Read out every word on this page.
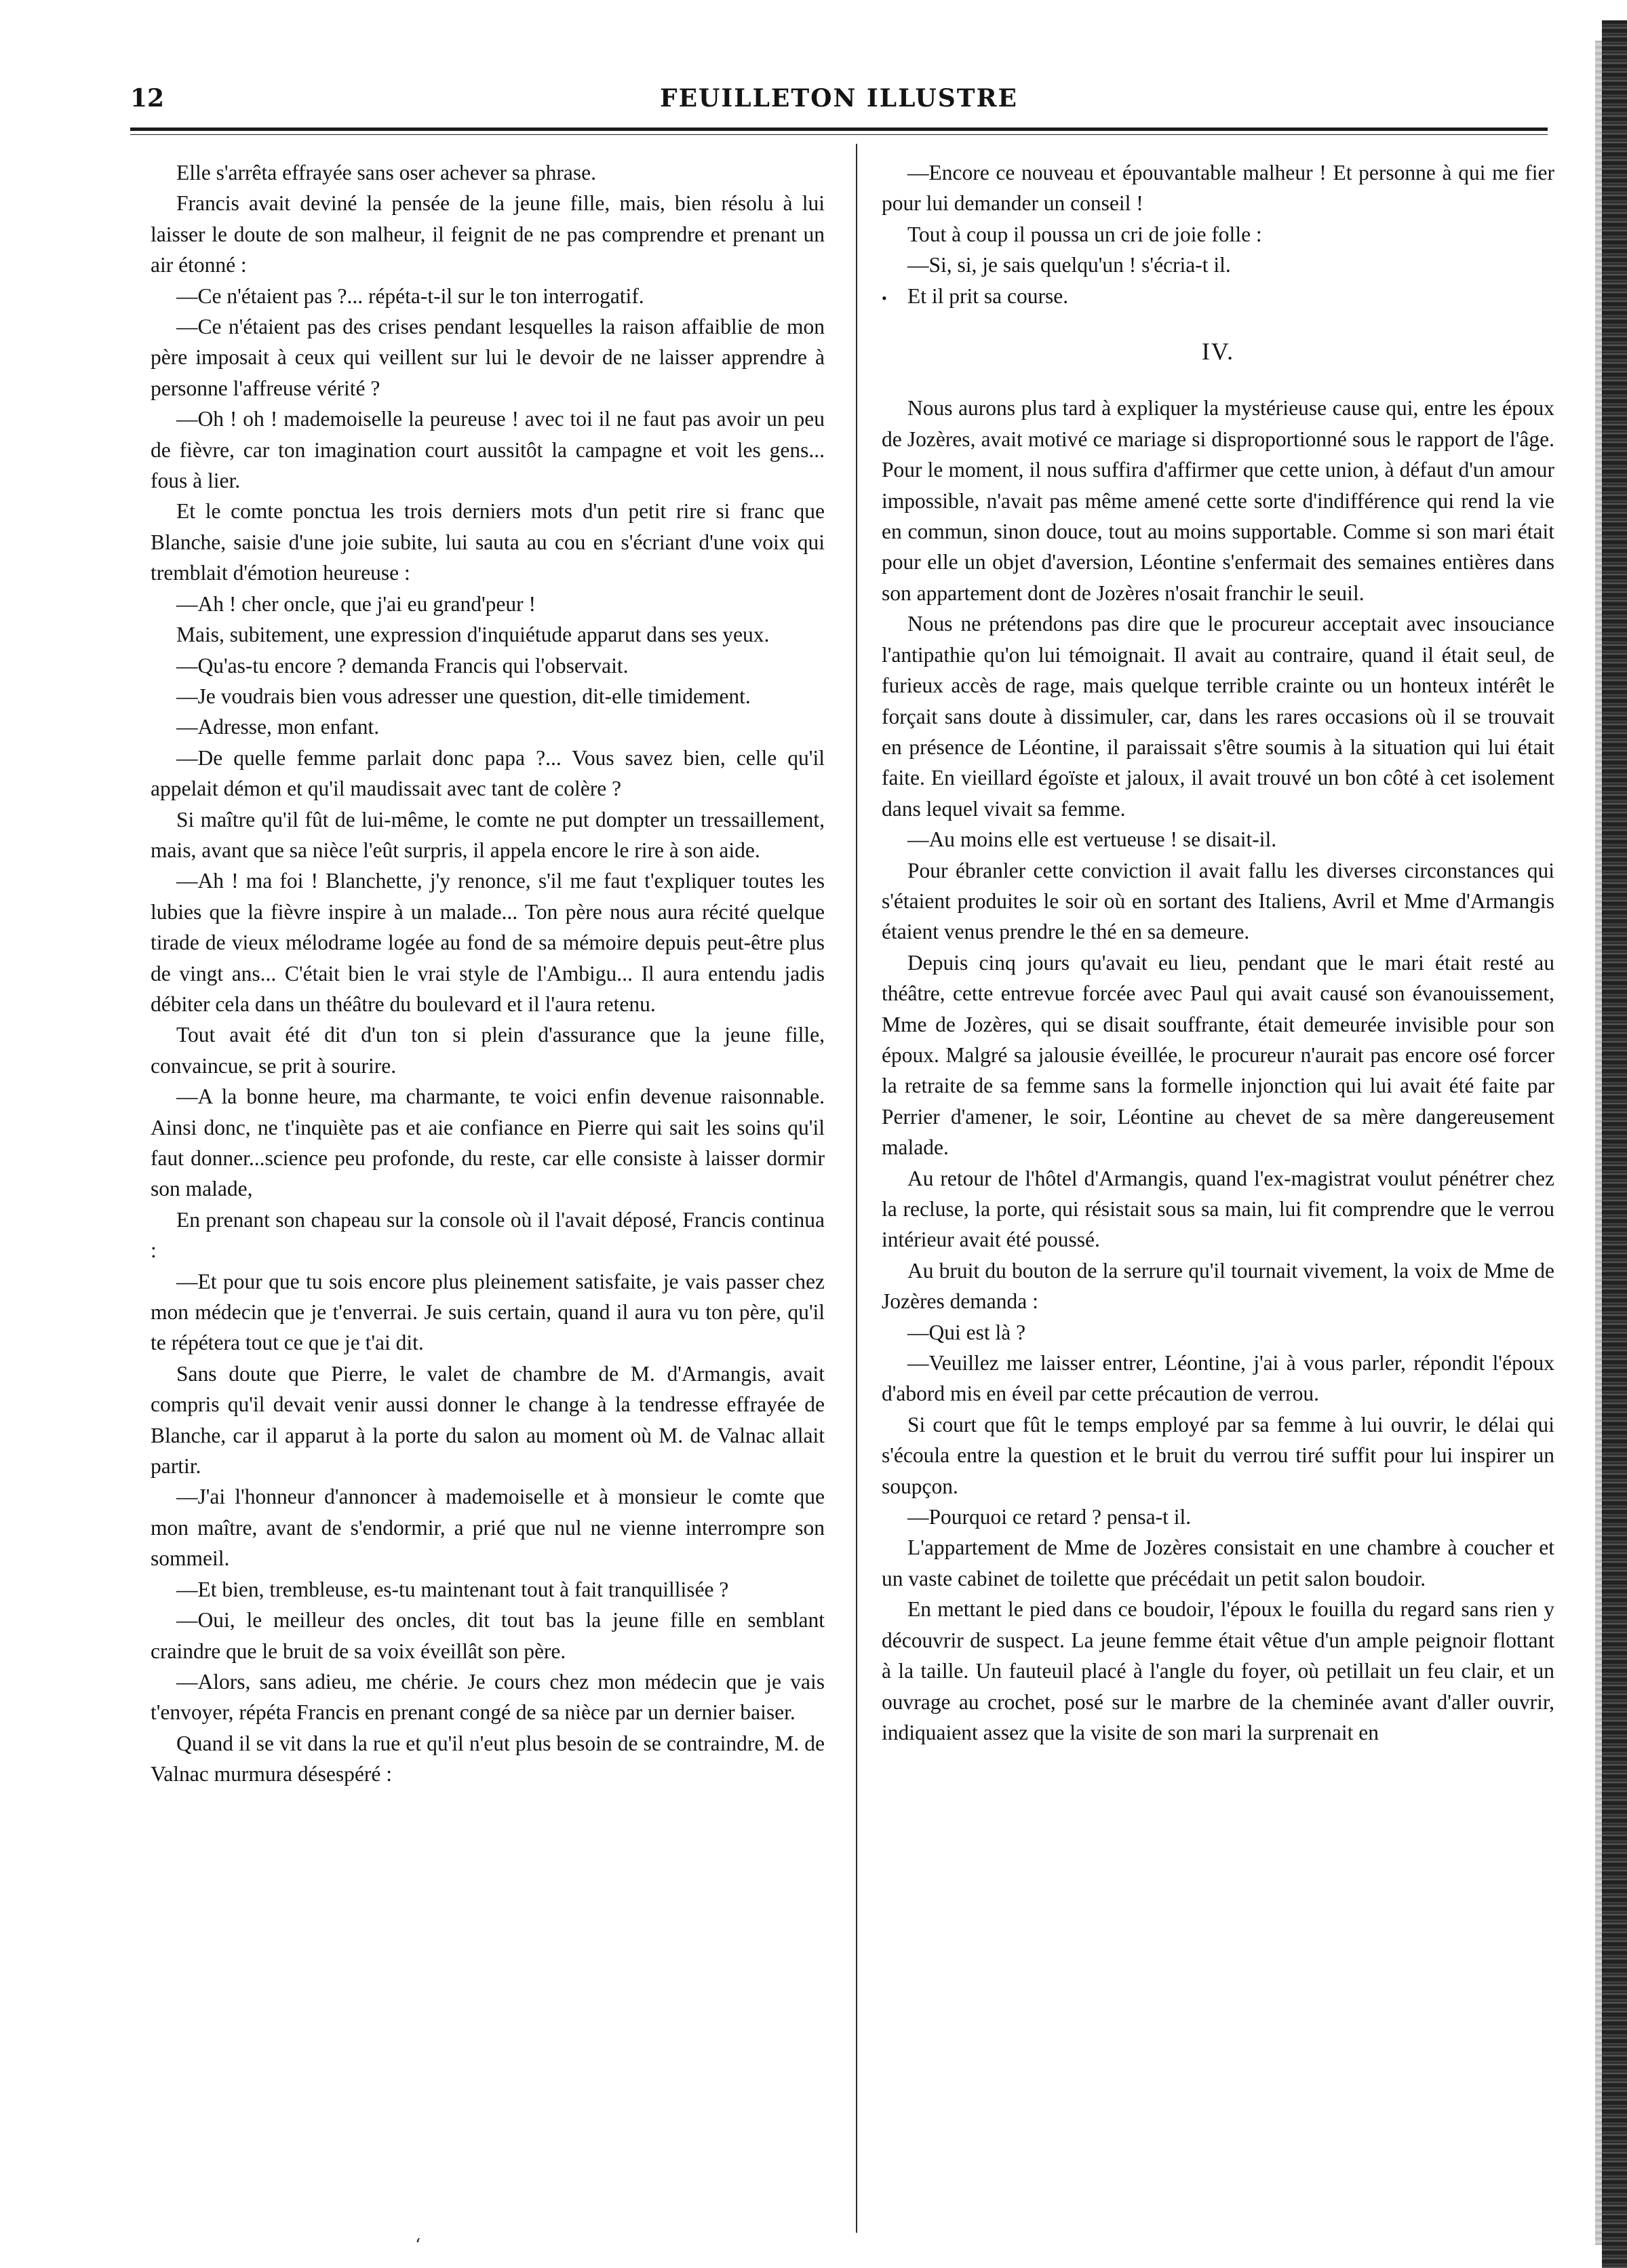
12	FEUILLETON ILLUSTRE

Elle s'arrêta effrayée sans oser achever sa phrase.

Francis avait deviné la pensée de la jeune fille, mais, bien résolu à lui laisser le doute de son malheur, il feignit de ne pas comprendre et prenant un air étonné :

—Ce n'étaient pas ?... répéta-t-il sur le ton interrogatif.

—Ce n'étaient pas des crises pendant lesquelles la raison affaiblie de mon père imposait à ceux qui veillent sur lui le devoir de ne laisser apprendre à personne l'affreuse vérité ?

—Oh ! oh ! mademoiselle la peureuse ! avec toi il ne faut pas avoir un peu de fièvre, car ton imagination court aussitôt la campagne et voit les gens... fous à lier.

Et le comte ponctua les trois derniers mots d'un petit rire si franc que Blanche, saisie d'une joie subite, lui sauta au cou en s'écriant d'une voix qui tremblait d'émotion heureuse :

—Ah ! cher oncle, que j'ai eu grand'peur !

Mais, subitement, une expression d'inquiétude apparut dans ses yeux.

—Qu'as-tu encore ? demanda Francis qui l'observait.

—Je voudrais bien vous adresser une question, dit-elle timidement.

—Adresse, mon enfant.

—De quelle femme parlait donc papa ?... Vous savez bien, celle qu'il appelait démon et qu'il maudissait avec tant de colère ?

Si maître qu'il fût de lui-même, le comte ne put dompter un tressaillement, mais, avant que sa nièce l'eût surpris, il appela encore le rire à son aide.

—Ah ! ma foi ! Blanchette, j'y renonce, s'il me faut t'expliquer toutes les lubies que la fièvre inspire à un malade... Ton père nous aura récité quelque tirade de vieux mélodrame logée au fond de sa mémoire depuis peut-être plus de vingt ans... C'était bien le vrai style de l'Ambigu... Il aura entendu jadis débiter cela dans un théâtre du boulevard et il l'aura retenu.

Tout avait été dit d'un ton si plein d'assurance que la jeune fille, convaincue, se prit à sourire.

—A la bonne heure, ma charmante, te voici enfin devenue raisonnable. Ainsi donc, ne t'inquiète pas et aie confiance en Pierre qui sait les soins qu'il faut donner...science peu profonde, du reste, car elle consiste à laisser dormir son malade,

En prenant son chapeau sur la console où il l'avait déposé, Francis continua :

—Et pour que tu sois encore plus pleinement satisfaite, je vais passer chez mon médecin que je t'enverrai. Je suis certain, quand il aura vu ton père, qu'il te répétera tout ce que je t'ai dit.

Sans doute que Pierre, le valet de chambre de M. d'Armangis, avait compris qu'il devait venir aussi donner le change à la tendresse effrayée de Blanche, car il apparut à la porte du salon au moment où M. de Valnac allait partir.

—J'ai l'honneur d'annoncer à mademoiselle et à monsieur le comte que mon maître, avant de s'endormir, a prié que nul ne vienne interrompre son sommeil.

—Et bien, trembleuse, es-tu maintenant tout à fait tranquillisée ?

—Oui, le meilleur des oncles, dit tout bas la jeune fille en semblant craindre que le bruit de sa voix éveillât son père.

—Alors, sans adieu, me chérie. Je cours chez mon médecin que je vais t'envoyer, répéta Francis en prenant congé de sa nièce par un dernier baiser.

Quand il se vit dans la rue et qu'il n'eut plus besoin de se contraindre, M. de Valnac murmura désespéré :

—Encore ce nouveau et épouvantable malheur ! Et personne à qui me fier pour lui demander un conseil !

Tout à coup il poussa un cri de joie folle :

—Si, si, je sais quelqu'un ! s'écria-t il.

• Et il prit sa course.

IV.

Nous aurons plus tard à expliquer la mystérieuse cause qui, entre les époux de Jozères, avait motivé ce mariage si disproportionné sous le rapport de l'âge. Pour le moment, il nous suffira d'affirmer que cette union, à défaut d'un amour impossible, n'avait pas même amené cette sorte d'indifférence qui rend la vie en commun, sinon douce, tout au moins supportable. Comme si son mari était pour elle un objet d'aversion, Léontine s'enfermait des semaines entières dans son appartement dont de Jozères n'osait franchir le seuil.

Nous ne prétendons pas dire que le procureur acceptait avec insouciance l'antipathie qu'on lui témoignait. Il avait au contraire, quand il était seul, de furieux accès de rage, mais quelque terrible crainte ou un honteux intérêt le forçait sans doute à dissimuler, car, dans les rares occasions où il se trouvait en présence de Léontine, il paraissait s'être soumis à la situation qui lui était faite. En vieillard égoïste et jaloux, il avait trouvé un bon côté à cet isolement dans lequel vivait sa femme.

—Au moins elle est vertueuse ! se disait-il.

Pour ébranler cette conviction il avait fallu les diverses circonstances qui s'étaient produites le soir où en sortant des Italiens, Avril et Mme d'Armangis étaient venus prendre le thé en sa demeure.

Depuis cinq jours qu'avait eu lieu, pendant que le mari était resté au théâtre, cette entrevue forcée avec Paul qui avait causé son évanouissement, Mme de Jozères, qui se disait souffrante, était demeurée invisible pour son époux. Malgré sa jalousie éveillée, le procureur n'aurait pas encore osé forcer la retraite de sa femme sans la formelle injonction qui lui avait été faite par Perrier d'amener, le soir, Léontine au chevet de sa mère dangereusement malade.

Au retour de l'hôtel d'Armangis, quand l'ex-magistrat voulut pénétrer chez la recluse, la porte, qui résistait sous sa main, lui fit comprendre que le verrou intérieur avait été poussé.

Au bruit du bouton de la serrure qu'il tournait vivement, la voix de Mme de Jozères demanda :

—Qui est là ?

—Veuillez me laisser entrer, Léontine, j'ai à vous parler, répondit l'époux d'abord mis en éveil par cette précaution de verrou.

Si court que fût le temps employé par sa femme à lui ouvrir, le délai qui s'écoula entre la question et le bruit du verrou tiré suffit pour lui inspirer un soupçon.

—Pourquoi ce retard ? pensa-t il.

L'appartement de Mme de Jozères consistait en une chambre à coucher et un vaste cabinet de toilette que précédait un petit salon boudoir.

En mettant le pied dans ce boudoir, l'époux le fouilla du regard sans rien y découvrir de suspect. La jeune femme était vêtue d'un ample peignoir flottant à la taille. Un fauteuil placé à l'angle du foyer, où petillait un feu clair, et un ouvrage au crochet, posé sur le marbre de la cheminée avant d'aller ouvrir, indiquaient assez que la visite de son mari la surprenait en

ʻ
